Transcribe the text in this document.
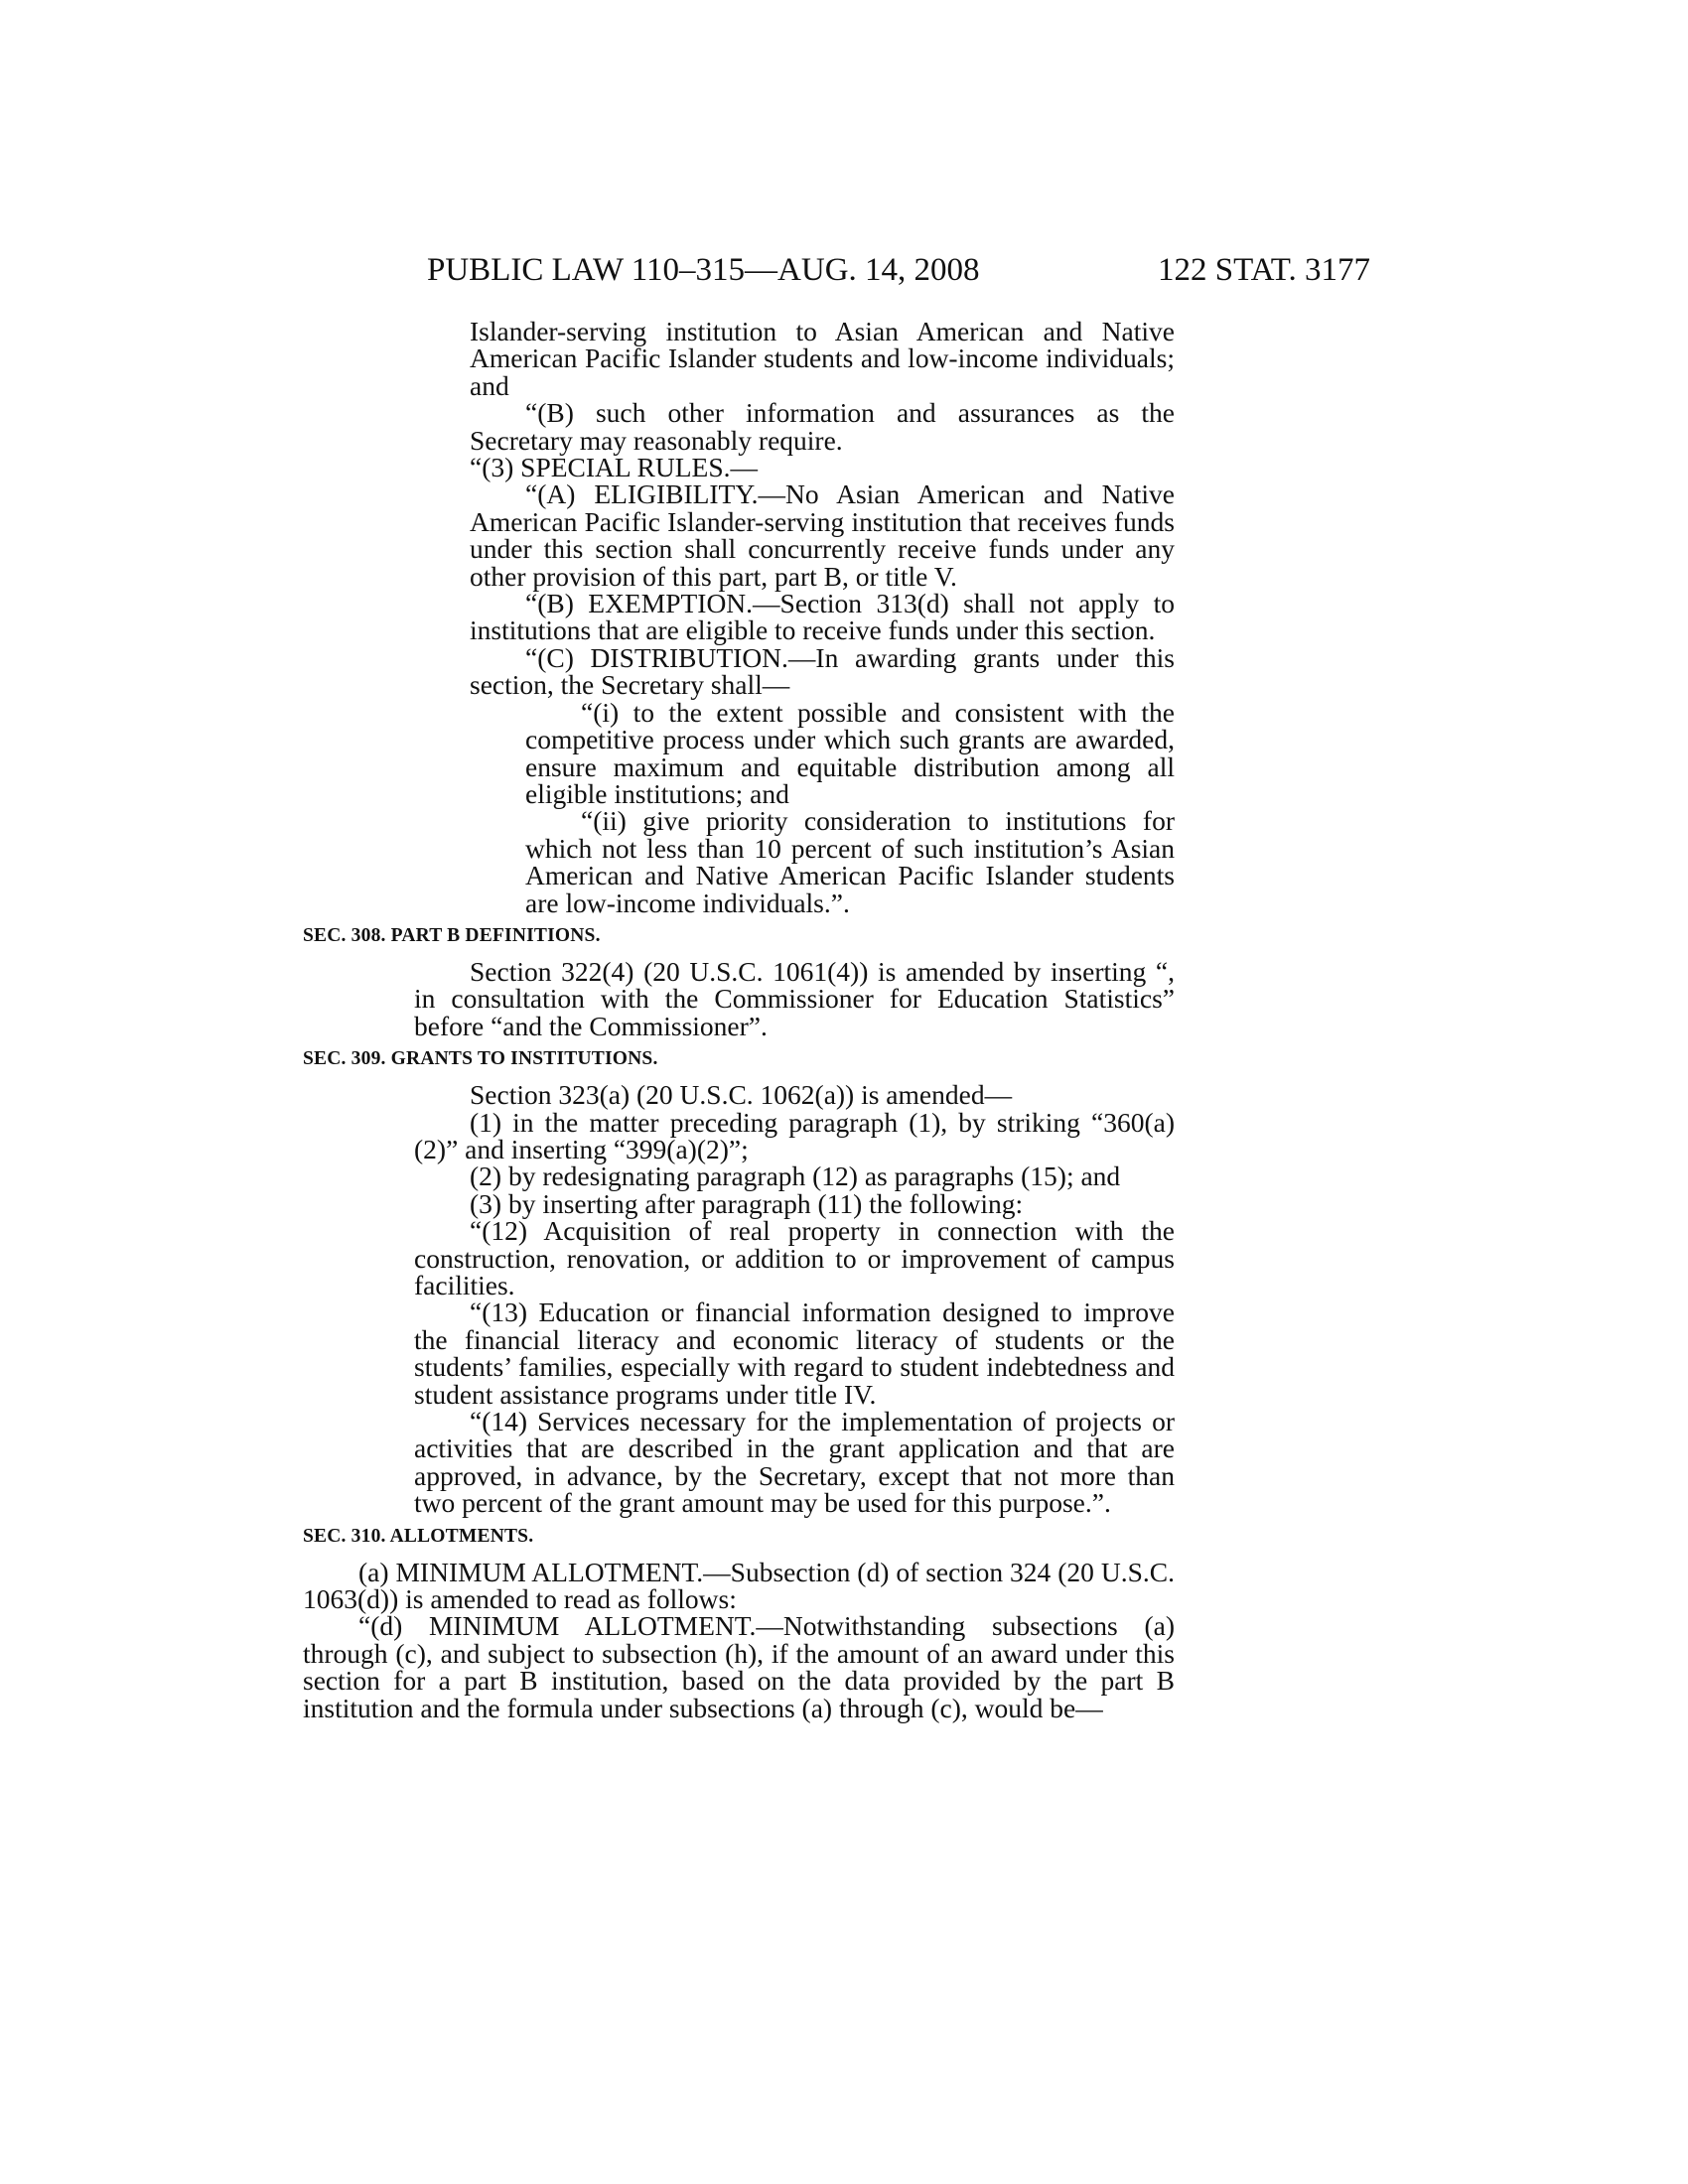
PUBLIC LAW 110–315—AUG. 14, 2008	122 STAT. 3177

Islander-serving institution to Asian American and Native American Pacific Islander students and low-income individuals; and

“(B) such other information and assurances as the Secretary may reasonably require.

“(3) SPECIAL RULES.—

“(A) ELIGIBILITY.—No Asian American and Native American Pacific Islander-serving institution that receives funds under this section shall concurrently receive funds under any other provision of this part, part B, or title V.

“(B) EXEMPTION.—Section 313(d) shall not apply to institutions that are eligible to receive funds under this section.

“(C) DISTRIBUTION.—In awarding grants under this section, the Secretary shall—

“(i) to the extent possible and consistent with the competitive process under which such grants are awarded, ensure maximum and equitable distribution among all eligible institutions; and

“(ii) give priority consideration to institutions for which not less than 10 percent of such institution’s Asian American and Native American Pacific Islander students are low-income individuals.”.

SEC. 308. PART B DEFINITIONS.

Section 322(4) (20 U.S.C. 1061(4)) is amended by inserting “, in consultation with the Commissioner for Education Statistics” before “and the Commissioner”.

SEC. 309. GRANTS TO INSTITUTIONS.

Section 323(a) (20 U.S.C. 1062(a)) is amended—

(1) in the matter preceding paragraph (1), by striking “360(a)(2)” and inserting “399(a)(2)”;

(2) by redesignating paragraph (12) as paragraphs (15); and

(3) by inserting after paragraph (11) the following:

“(12) Acquisition of real property in connection with the construction, renovation, or addition to or improvement of campus facilities.

“(13) Education or financial information designed to improve the financial literacy and economic literacy of students or the students’ families, especially with regard to student indebtedness and student assistance programs under title IV.

“(14) Services necessary for the implementation of projects or activities that are described in the grant application and that are approved, in advance, by the Secretary, except that not more than two percent of the grant amount may be used for this purpose.”.

SEC. 310. ALLOTMENTS.

(a) MINIMUM ALLOTMENT.—Subsection (d) of section 324 (20 U.S.C. 1063(d)) is amended to read as follows:

“(d) MINIMUM ALLOTMENT.—Notwithstanding subsections (a) through (c), and subject to subsection (h), if the amount of an award under this section for a part B institution, based on the data provided by the part B institution and the formula under subsections (a) through (c), would be—
